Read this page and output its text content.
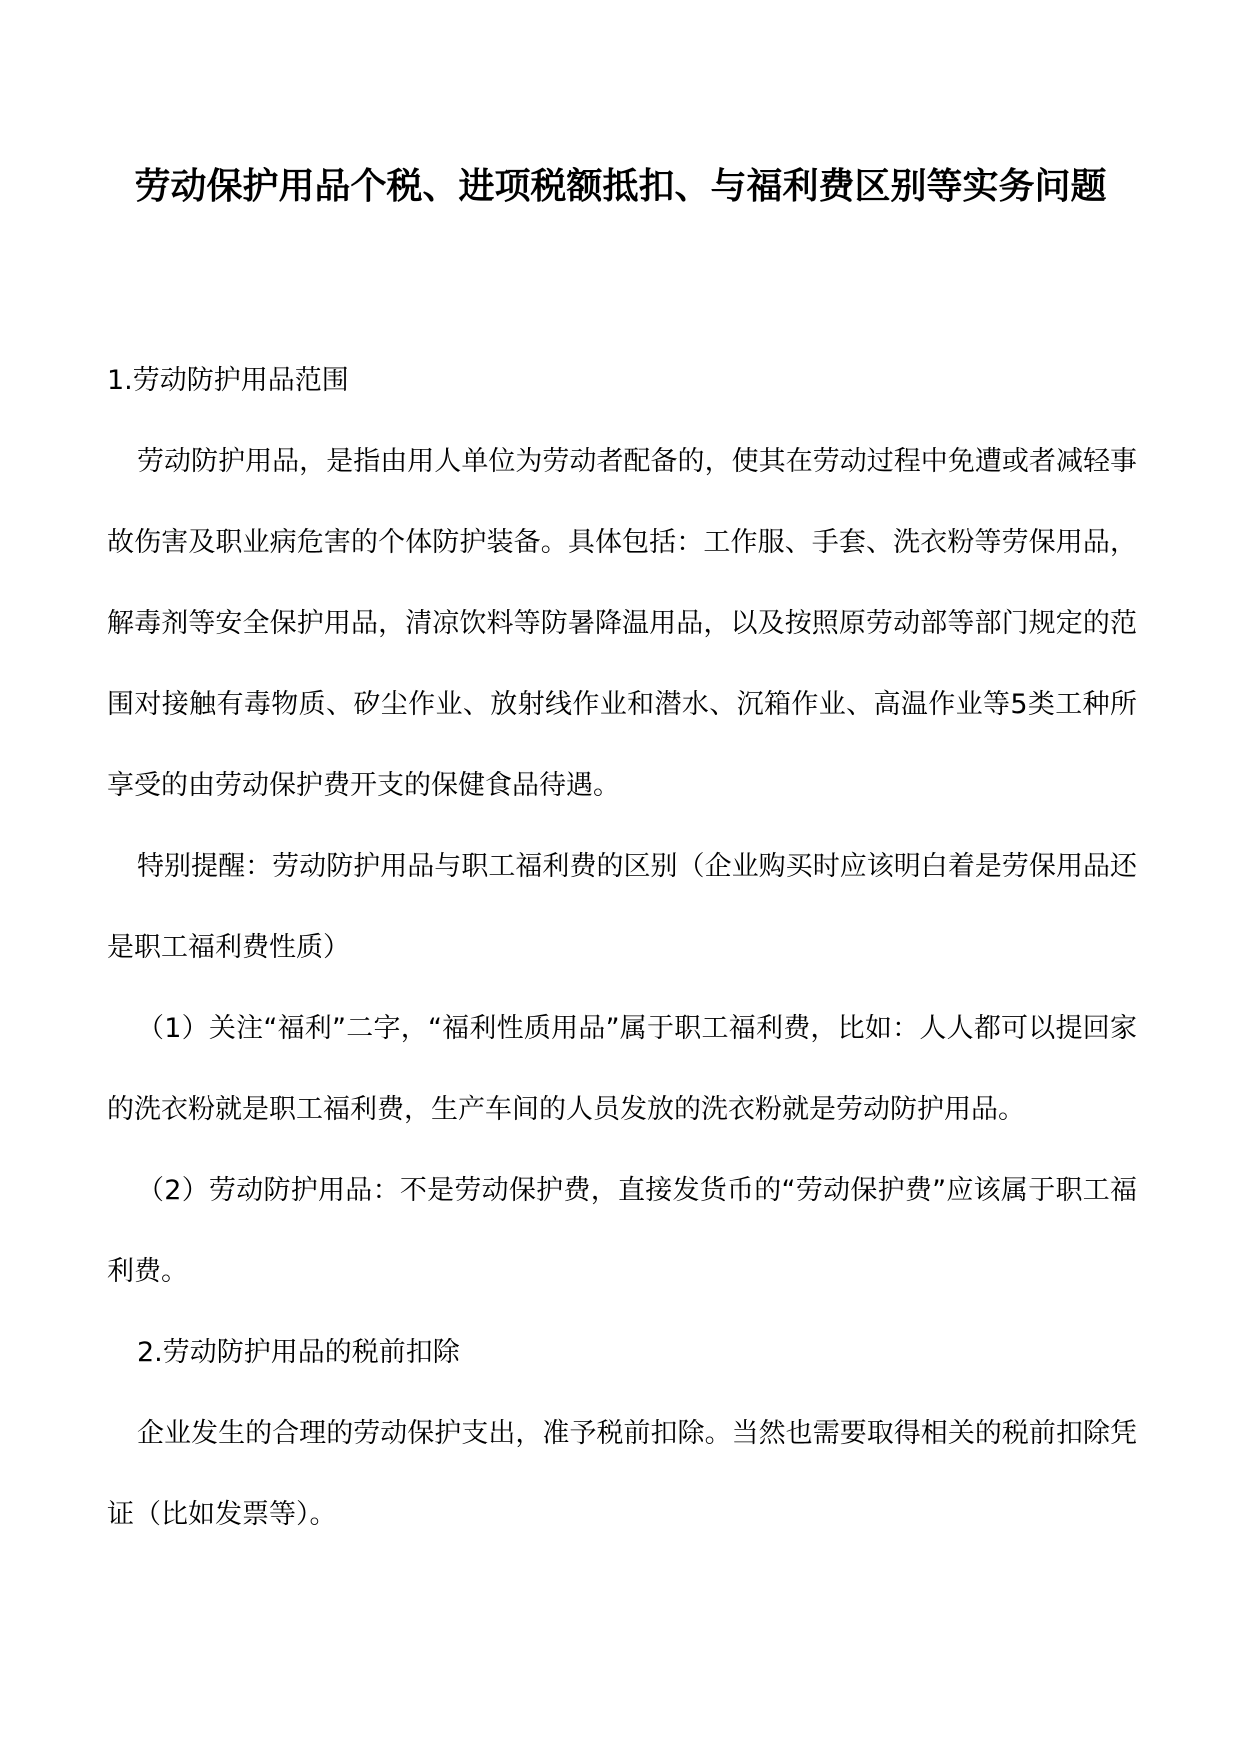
劳动保护用品个税、进项税额抵扣、与福利费区别等实务问题

1.劳动防护用品范围

劳动防护用品，是指由用人单位为劳动者配备的，使其在劳动过程中免遭或者减轻事故伤害及职业病危害的个体防护装备。具体包括：工作服、手套、洗衣粉等劳保用品，解毒剂等安全保护用品，清凉饮料等防暑降温用品，以及按照原劳动部等部门规定的范围对接触有毒物质、矽尘作业、放射线作业和潜水、沉箱作业、高温作业等5类工种所享受的由劳动保护费开支的保健食品待遇。

特别提醒：劳动防护用品与职工福利费的区别（企业购买时应该明白着是劳保用品还是职工福利费性质）

（1）关注“福利”二字，“福利性质用品”属于职工福利费，比如：人人都可以提回家的洗衣粉就是职工福利费，生产车间的人员发放的洗衣粉就是劳动防护用品。

（2）劳动防护用品：不是劳动保护费，直接发货币的“劳动保护费”应该属于职工福利费。

2.劳动防护用品的税前扣除

企业发生的合理的劳动保护支出，准予税前扣除。当然也需要取得相关的税前扣除凭证（比如发票等）。
